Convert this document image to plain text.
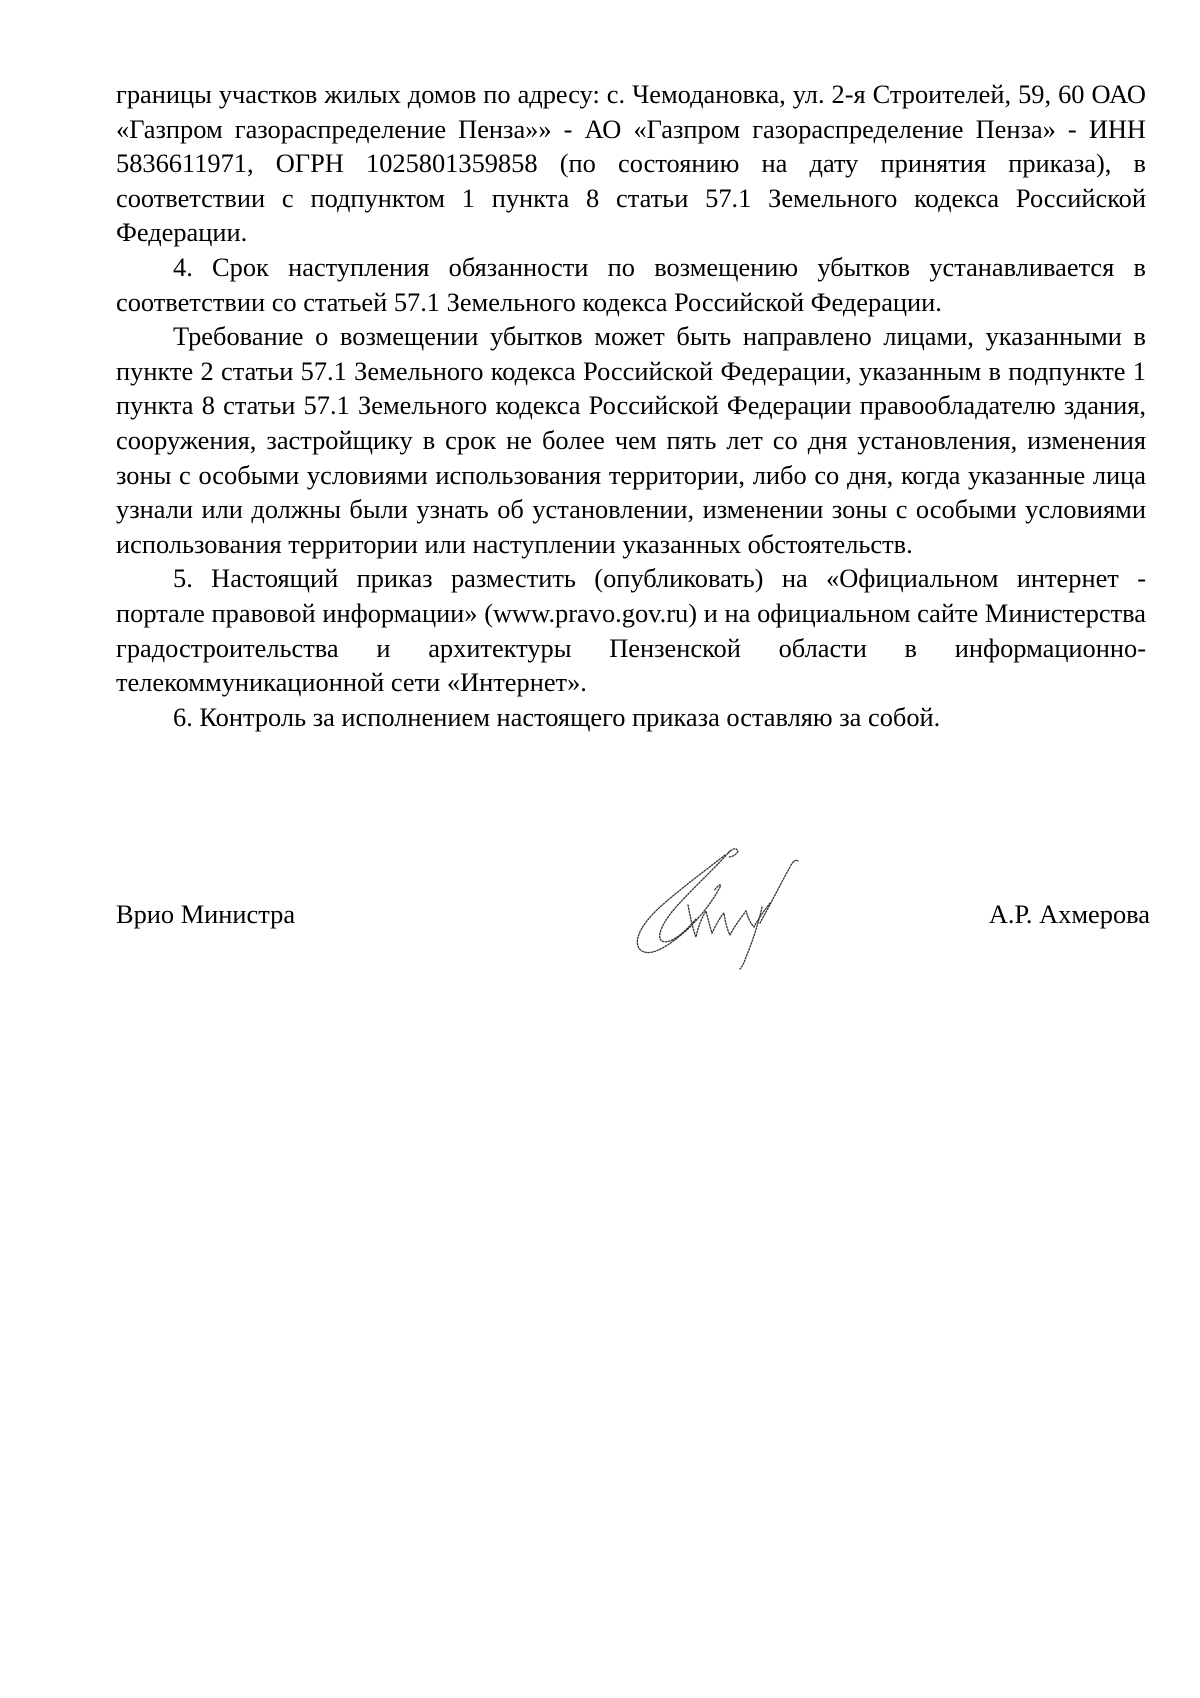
границы участков жилых домов по адресу: с. Чемодановка, ул. 2-я Строителей, 59, 60 ОАО «Газпром газораспределение Пенза»» - АО «Газпром газораспределение Пенза» - ИНН 5836611971, ОГРН 1025801359858 (по состоянию на дату принятия приказа), в соответствии с подпунктом 1 пункта 8 статьи 57.1 Земельного кодекса Российской Федерации.

4. Срок наступления обязанности по возмещению убытков устанавливается в соответствии со статьей 57.1 Земельного кодекса Российской Федерации.

Требование о возмещении убытков может быть направлено лицами, указанными в пункте 2 статьи 57.1 Земельного кодекса Российской Федерации, указанным в подпункте 1 пункта 8 статьи 57.1 Земельного кодекса Российской Федерации правообладателю здания, сооружения, застройщику в срок не более чем пять лет со дня установления, изменения зоны с особыми условиями использования территории, либо со дня, когда указанные лица узнали или должны были узнать об установлении, изменении зоны с особыми условиями использования территории или наступлении указанных обстоятельств.

5. Настоящий приказ разместить (опубликовать) на «Официальном интернет - портале правовой информации» (www.pravo.gov.ru) и на официальном сайте Министерства градостроительства и архитектуры Пензенской области в информационно-телекоммуникационной сети «Интернет».

6. Контроль за исполнением настоящего приказа оставляю за собой.

Врио Министра	А.Р. Ахмерова
